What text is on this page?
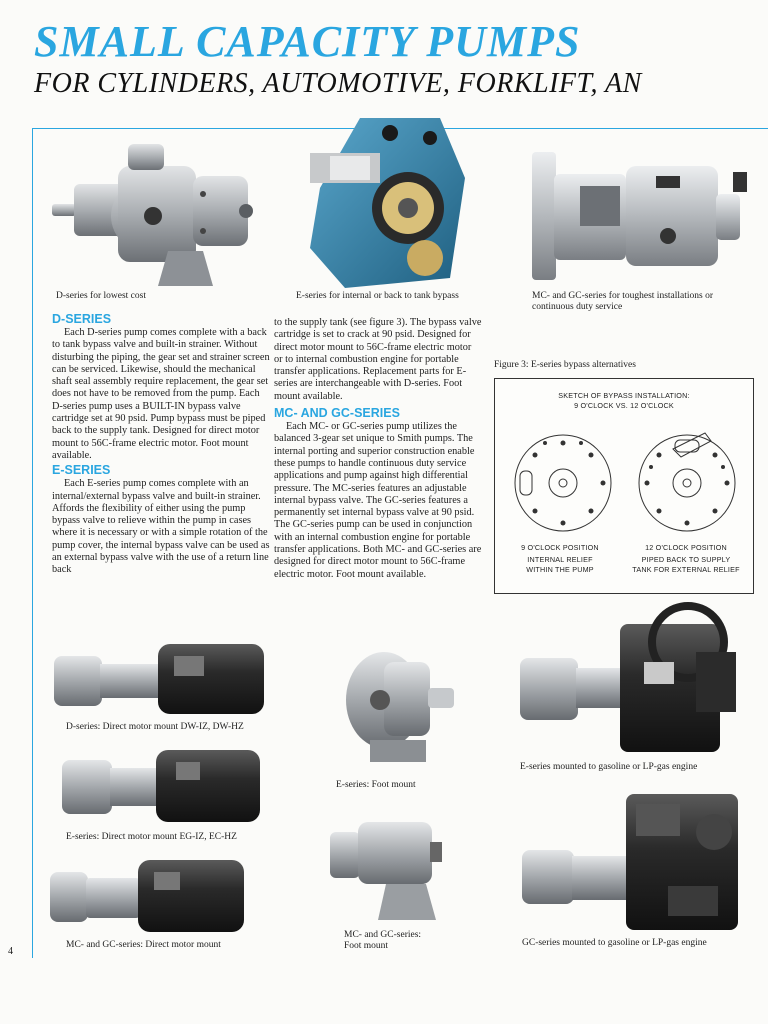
SMALL CAPACITY PUMPS
FOR CYLINDERS, AUTOMOTIVE, FORKLIFT, AN
D-series for lowest cost	E-series for internal or back to tank bypass	MC- and GC-series for toughest installations or continuous duty service
D-SERIES

Each D-series pump comes complete with a back to tank bypass valve and built-in strainer. Without disturbing the piping, the gear set and strainer screen can be serviced. Likewise, should the mechanical shaft seal assembly require replacement, the gear set does not have to be removed from the pump. Each D-series pump uses a BUILT-IN bypass valve cartridge set at 90 psid. Pump bypass must be piped back to the supply tank. Designed for direct motor mount to 56C-frame electric motor. Foot mount available.

E-SERIES

Each E-series pump comes complete with an internal/external bypass valve and built-in strainer. Affords the flexibility of either using the pump bypass valve to relieve within the pump in cases where it is necessary or with a simple rotation of the pump cover, the internal bypass valve can be used as an external bypass valve with the use of a return line back

to the supply tank (see figure 3). The bypass valve cartridge is set to crack at 90 psid. Designed for direct motor mount to 56C-frame electric motor or to internal combustion engine for portable transfer applications. Replacement parts for E-series are interchangeable with D-series. Foot mount available.

MC- AND GC-SERIES

Each MC- or GC-series pump utilizes the balanced 3-gear set unique to Smith pumps. The internal porting and superior construction enable these pumps to handle continuous duty service applications and pump against high differential pressure. The MC-series features an adjustable internal bypass valve. The GC-series features a permanently set internal bypass valve at 90 psid. The GC-series pump can be used in conjunction with an internal combustion engine for portable transfer applications. Both MC- and GC-series are designed for direct motor mount to 56C-frame electric motor. Foot mount available.

Figure 3: E-series bypass alternatives
SKETCH OF BYPASS INSTALLATION:
9 O'CLOCK VS. 12 O'CLOCK
9 O'CLOCK POSITION
INTERNAL RELIEF
WITHIN THE PUMP
12 O'CLOCK POSITION
PIPED BACK TO SUPPLY
TANK FOR EXTERNAL RELIEF
D-series: Direct motor mount DW-IZ, DW-HZ
E-series: Direct motor mount EG-IZ, EC-HZ
MC- and GC-series: Direct motor mount
E-series: Foot mount
MC- and GC-series:
Foot mount
E-series mounted to gasoline or LP-gas engine
GC-series mounted to gasoline or LP-gas engine
4
